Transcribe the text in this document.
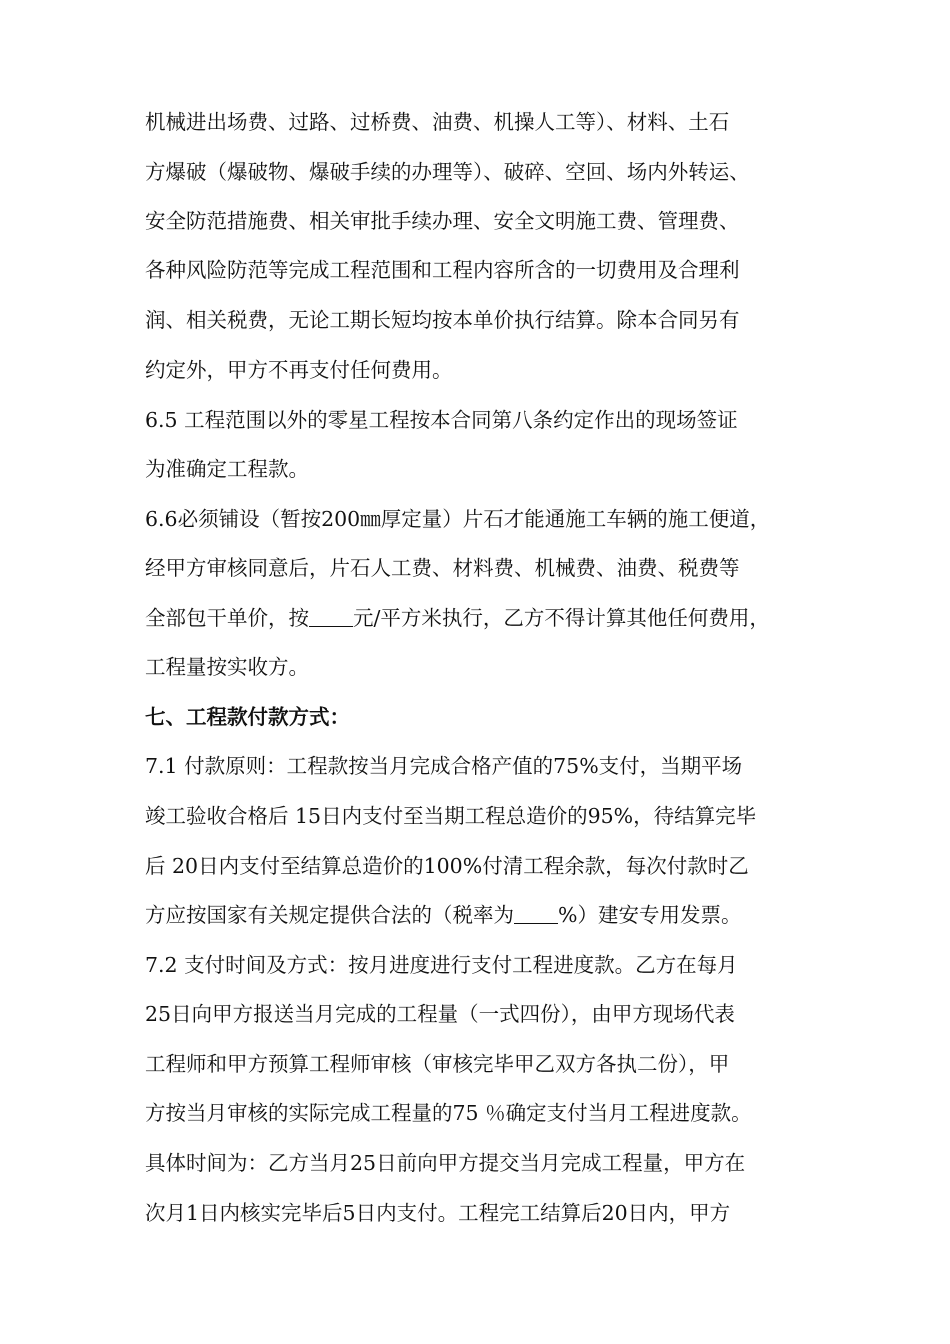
机械进出场费、过路、过桥费、油费、机操人工等）、材料、土石
方爆破（爆破物、爆破手续的办理等）、破碎、空回、场内外转运、
安全防范措施费、相关审批手续办理、安全文明施工费、管理费、
各种风险防范等完成工程范围和工程内容所含的一切费用及合理利
润、相关税费，无论工期长短均按本单价执行结算。除本合同另有
约定外，甲方不再支付任何费用。
6.5 工程范围以外的零星工程按本合同第八条约定作出的现场签证
为准确定工程款。
6.6必须铺设（暂按200㎜厚定量）片石才能通施工车辆的施工便道，
经甲方审核同意后，片石人工费、材料费、机械费、油费、税费等
全部包干单价，按 元/平方米执行，乙方不得计算其他任何费用，
工程量按实收方。
七、工程款付款方式：
7.1 付款原则：工程款按当月完成合格产值的75%支付，当期平场
竣工验收合格后 15日内支付至当期工程总造价的95%，待结算完毕
后 20日内支付至结算总造价的100%付清工程余款，每次付款时乙
方应按国家有关规定提供合法的（税率为 %）建安专用发票。
7.2 支付时间及方式：按月进度进行支付工程进度款。乙方在每月
25日向甲方报送当月完成的工程量（一式四份），由甲方现场代表
工程师和甲方预算工程师审核（审核完毕甲乙双方各执二份），甲
方按当月审核的实际完成工程量的75 ％确定支付当月工程进度款。
具体时间为：乙方当月25日前向甲方提交当月完成工程量，甲方在
次月1日内核实完毕后5日内支付。工程完工结算后20日内，甲方
